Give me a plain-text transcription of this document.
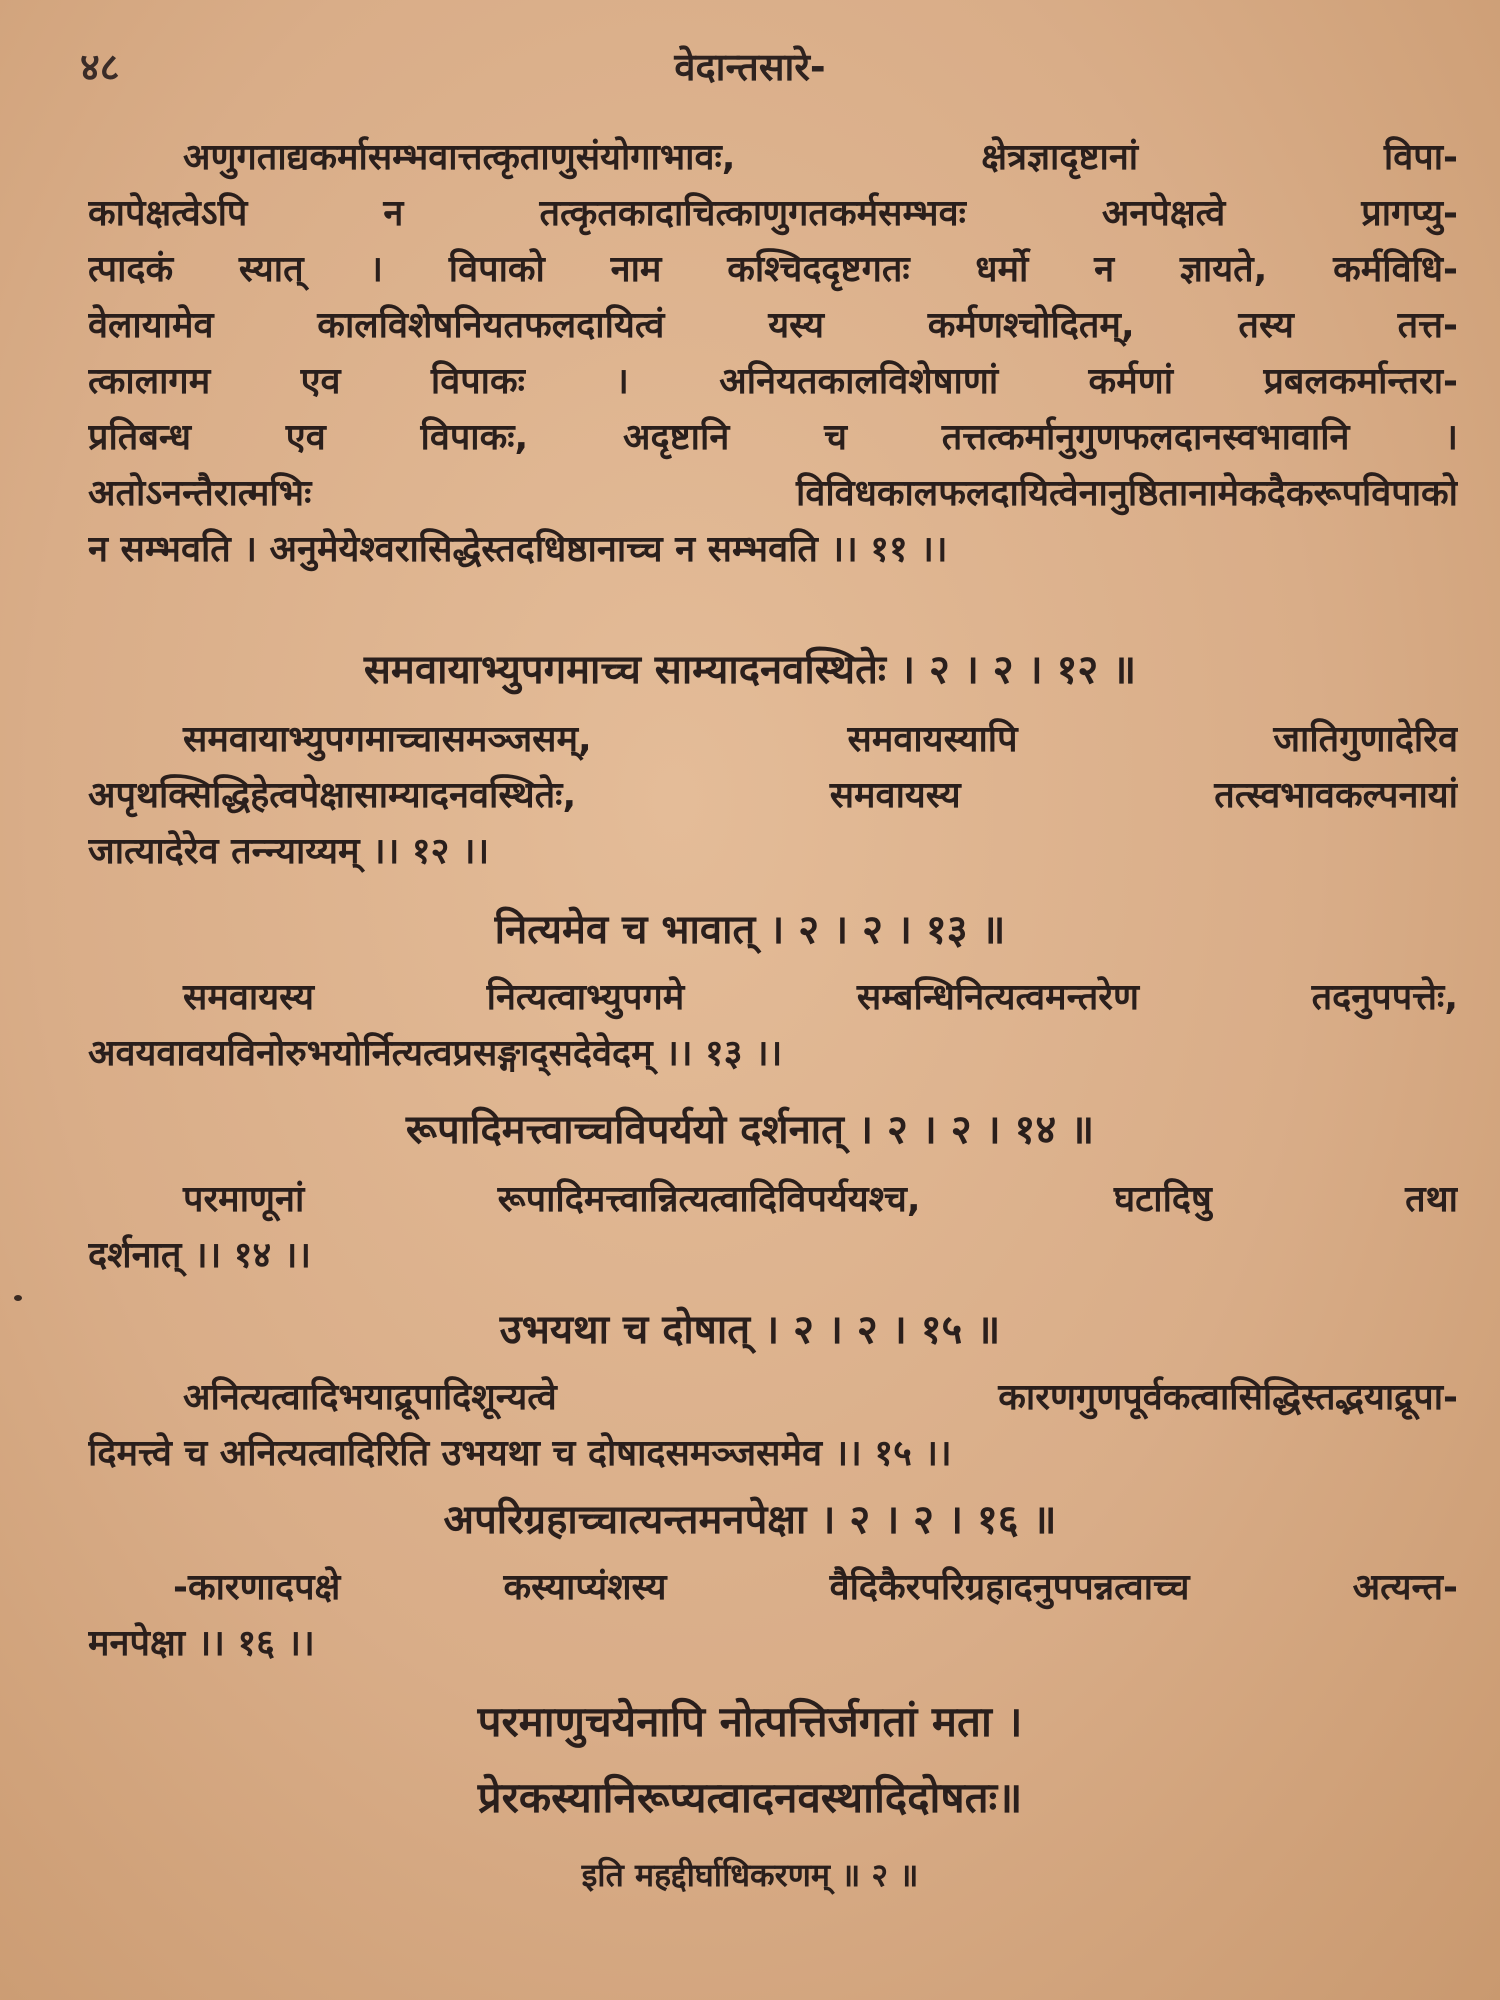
४८	वेदान्तसारे-
अणुगताद्यकर्मासम्भवात्तत्कृताणुसंयोगाभावः, क्षेत्रज्ञादृष्टानां विपा-
कापेक्षत्वेऽपि न तत्कृतकादाचित्काणुगतकर्मसम्भवः अनपेक्षत्वे प्रागप्यु-
त्पादकं स्यात् । विपाको नाम कश्चिददृष्टगतः धर्मो न ज्ञायते, कर्मविधि-
वेलायामेव कालविशेषनियतफलदायित्वं यस्य कर्मणश्चोदितम्, तस्य तत्त-
त्कालागम एव विपाकः । अनियतकालविशेषाणां कर्मणां प्रबलकर्मान्तरा-
प्रतिबन्ध एव विपाकः, अदृष्टानि च तत्तत्कर्मानुगुणफलदानस्वभावानि ।
अतोऽनन्तैरात्मभिः विविधकालफलदायित्वेनानुष्ठितानामेकदैकरूपविपाको
न सम्भवति । अनुमेयेश्वरासिद्धेस्तदधिष्ठानाच्च न सम्भवति ।। ११ ।।
समवायाभ्युपगमाच्च साम्यादनवस्थितेः । २ । २ । १२ ॥
समवायाभ्युपगमाच्चासमञ्जसम्, समवायस्यापि जातिगुणादेरिव
अपृथक्सिद्धिहेत्वपेक्षासाम्यादनवस्थितेः, समवायस्य तत्स्वभावकल्पनायां
जात्यादेरेव तन्न्याय्यम् ।। १२ ।।
नित्यमेव च भावात् । २ । २ । १३ ॥
समवायस्य नित्यत्वाभ्युपगमे सम्बन्धिनित्यत्वमन्तरेण तदनुपपत्तेः,
अवयवावयविनोरुभयोर्नित्यत्वप्रसङ्गाद्सदेवेदम् ।। १३ ।।
रूपादिमत्त्वाच्चविपर्ययो दर्शनात् । २ । २ । १४ ॥
परमाणूनां रूपादिमत्त्वान्नित्यत्वादिविपर्ययश्च, घटादिषु तथा
दर्शनात् ।। १४ ।।
उभयथा च दोषात् । २ । २ । १५ ॥
अनित्यत्वादिभयाद्रूपादिशून्यत्वे कारणगुणपूर्वकत्वासिद्धिस्तद्भयाद्रूपा-
दिमत्त्वे च अनित्यत्वादिरिति उभयथा च दोषादसमञ्जसमेव ।। १५ ।।
अपरिग्रहाच्चात्यन्तमनपेक्षा । २ । २ । १६ ॥
-कारणादपक्षे कस्याप्यंशस्य वैदिकैरपरिग्रहादनुपपन्नत्वाच्च अत्यन्त-
मनपेक्षा ।। १६ ।।
परमाणुचयेनापि नोत्पत्तिर्जगतां मता ।
प्रेरकस्यानिरूप्यत्वादनवस्थादिदोषतः॥
इति महद्दीर्घाधिकरणम् ॥ २ ॥
